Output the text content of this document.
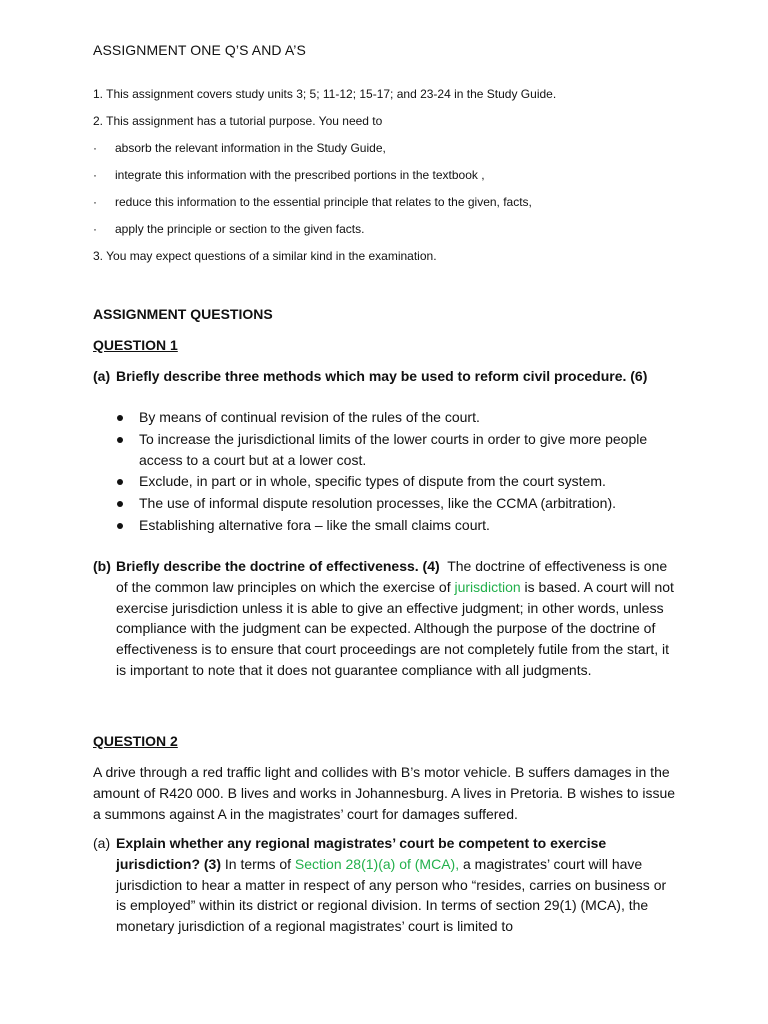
ASSIGNMENT ONE Q’S AND A’S
1. This assignment covers study units 3; 5; 11-12; 15-17; and 23-24 in the Study Guide.
2. This assignment has a tutorial purpose. You need to
· absorb the relevant information in the Study Guide,
· integrate this information with the prescribed portions in the textbook ,
· reduce this information to the essential principle that relates to the given, facts,
· apply the principle or section to the given facts.
3. You may expect questions of a similar kind in the examination.
ASSIGNMENT QUESTIONS
QUESTION 1
(a) Briefly describe three methods which may be used to reform civil procedure. (6)
By means of continual revision of the rules of the court.
To increase the jurisdictional limits of the lower courts in order to give more people access to a court but at a lower cost.
Exclude, in part or in whole, specific types of dispute from the court system.
The use of informal dispute resolution processes, like the CCMA (arbitration).
Establishing alternative fora – like the small claims court.
(b) Briefly describe the doctrine of effectiveness. (4) The doctrine of effectiveness is one of the common law principles on which the exercise of jurisdiction is based. A court will not exercise jurisdiction unless it is able to give an effective judgment; in other words, unless compliance with the judgment can be expected. Although the purpose of the doctrine of effectiveness is to ensure that court proceedings are not completely futile from the start, it is important to note that it does not guarantee compliance with all judgments.
QUESTION 2
A drive through a red traffic light and collides with B’s motor vehicle. B suffers damages in the amount of R420 000. B lives and works in Johannesburg. A lives in Pretoria. B wishes to issue a summons against A in the magistrates’ court for damages suffered.
(a) Explain whether any regional magistrates’ court be competent to exercise jurisdiction? (3) In terms of Section 28(1)(a) of (MCA), a magistrates’ court will have jurisdiction to hear a matter in respect of any person who “resides, carries on business or is employed” within its district or regional division. In terms of section 29(1) (MCA), the monetary jurisdiction of a regional magistrates’ court is limited to
